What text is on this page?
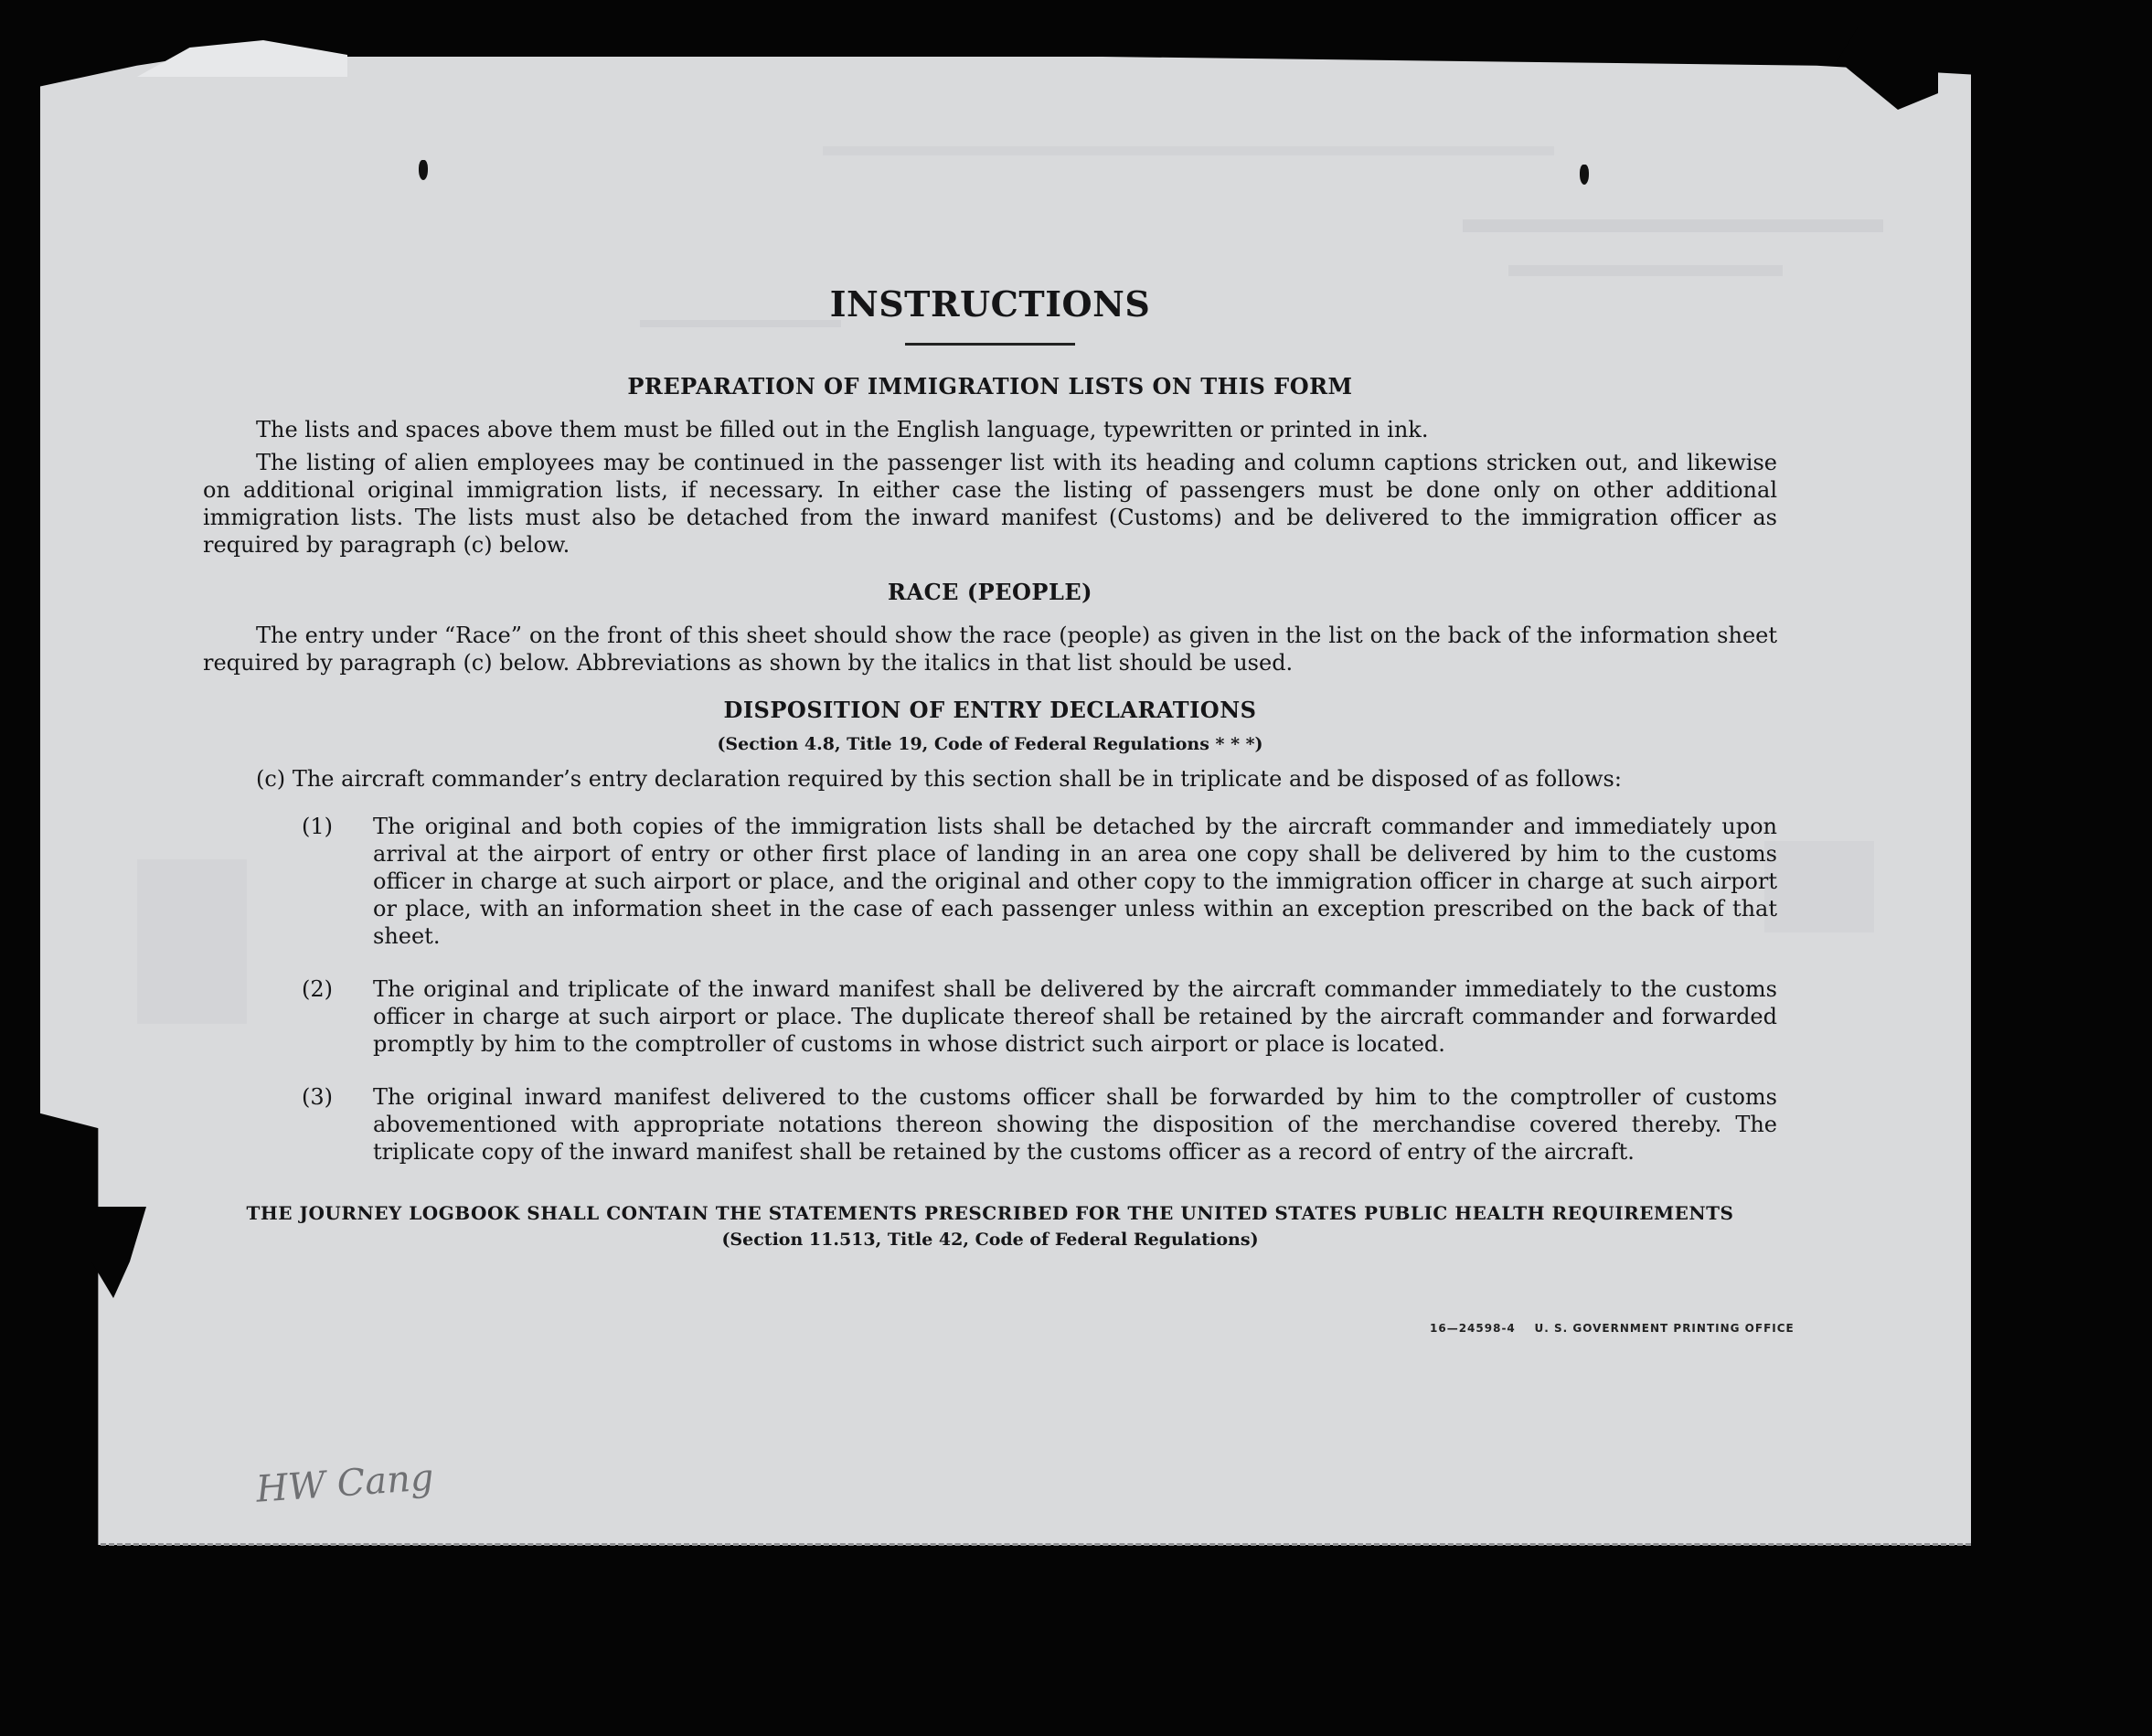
INSTRUCTIONS
PREPARATION OF IMMIGRATION LISTS ON THIS FORM

The lists and spaces above them must be filled out in the English language, typewritten or printed in ink.

The listing of alien employees may be continued in the passenger list with its heading and column captions stricken out, and likewise on additional original immigration lists, if necessary. In either case the listing of passengers must be done only on other additional immigration lists. The lists must also be detached from the inward manifest (Customs) and be delivered to the immigration officer as required by paragraph (c) below.

RACE (PEOPLE)

The entry under “Race” on the front of this sheet should show the race (people) as given in the list on the back of the information sheet required by paragraph (c) below. Abbreviations as shown by the italics in that list should be used.

DISPOSITION OF ENTRY DECLARATIONS
(Section 4.8, Title 19, Code of Federal Regulations * * *)

(c) The aircraft commander’s entry declaration required by this section shall be in triplicate and be disposed of as follows:

(1) The original and both copies of the immigration lists shall be detached by the aircraft commander and immediately upon arrival at the airport of entry or other first place of landing in an area one copy shall be delivered by him to the customs officer in charge at such airport or place, and the original and other copy to the immigration officer in charge at such airport or place, with an information sheet in the case of each passenger unless within an exception prescribed on the back of that sheet.
(2) The original and triplicate of the inward manifest shall be delivered by the aircraft commander immediately to the customs officer in charge at such airport or place. The duplicate thereof shall be retained by the aircraft commander and forwarded promptly by him to the comptroller of customs in whose district such airport or place is located.
(3) The original inward manifest delivered to the customs officer shall be forwarded by him to the comptroller of customs abovementioned with appropriate notations thereon showing the disposition of the merchandise covered thereby. The triplicate copy of the inward manifest shall be retained by the customs officer as a record of entry of the aircraft.
THE JOURNEY LOGBOOK SHALL CONTAIN THE STATEMENTS PRESCRIBED FOR THE UNITED STATES PUBLIC HEALTH REQUIREMENTS
(Section 11.513, Title 42, Code of Federal Regulations)
16—24598-4 U. S. GOVERNMENT PRINTING OFFICE
HW Cang
